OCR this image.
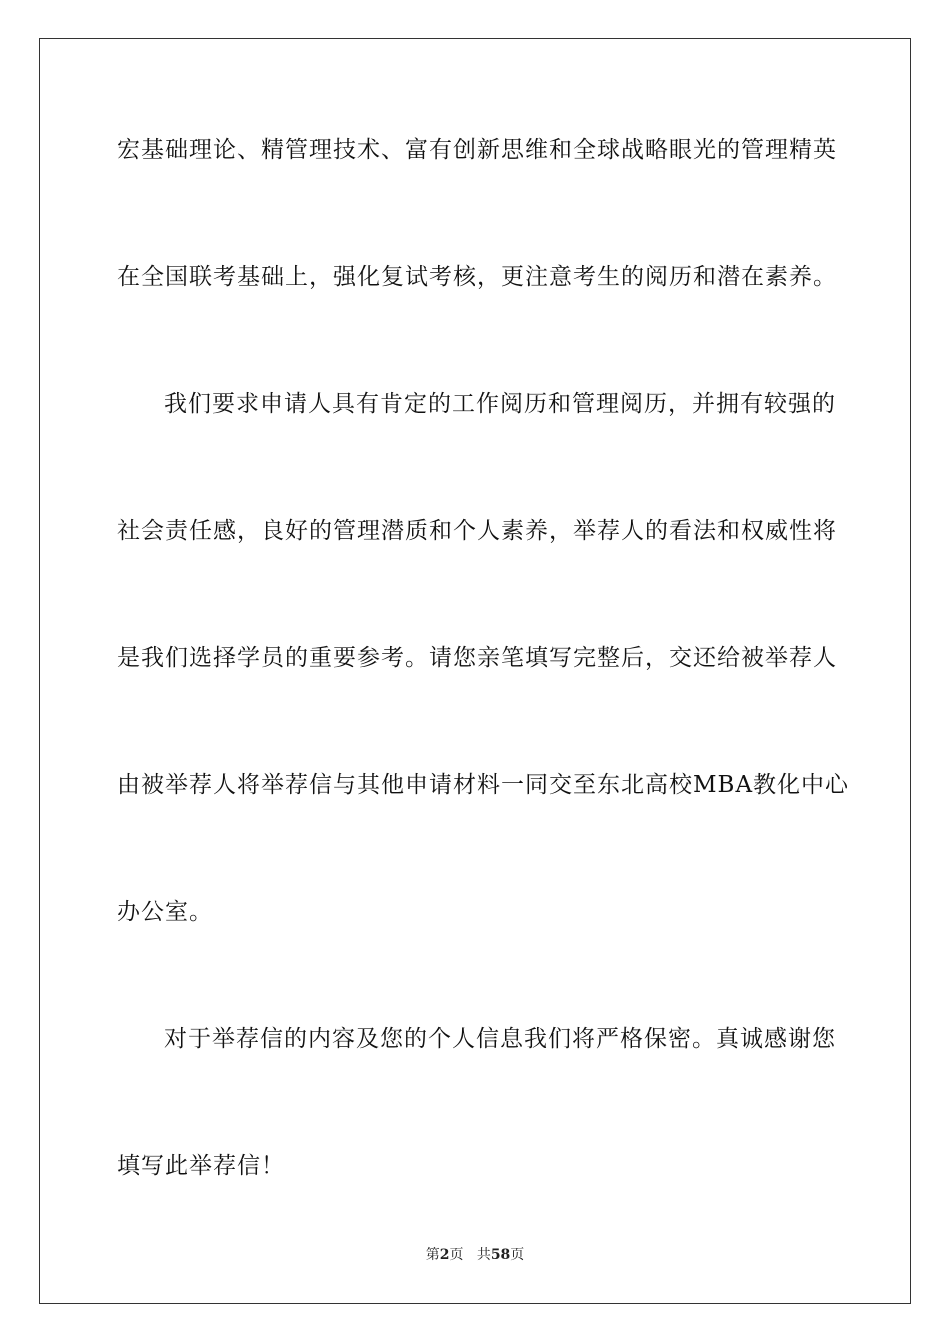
宏基础理论、精管理技术、富有创新思维和全球战略眼光的管理精英
在全国联考基础上，强化复试考核，更注意考生的阅历和潜在素养。
我们要求申请人具有肯定的工作阅历和管理阅历，并拥有较强的
社会责任感，良好的管理潜质和个人素养，举荐人的看法和权威性将
是我们选择学员的重要参考。请您亲笔填写完整后，交还给被举荐人
由被举荐人将举荐信与其他申请材料一同交至东北高校MBA教化中心
办公室。
对于举荐信的内容及您的个人信息我们将严格保密。真诚感谢您
填写此举荐信！
第2页 共58页
